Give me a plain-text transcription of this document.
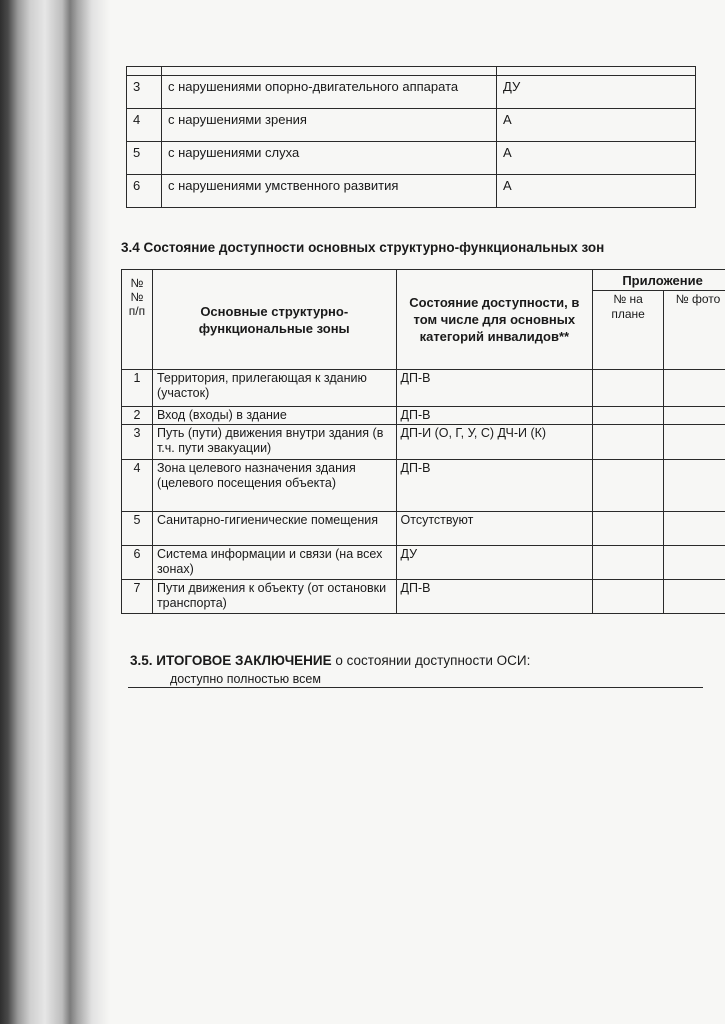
3	с нарушениями опорно-двигательного аппарата	ДУ
4	с нарушениями зрения	А
5	с нарушениями слуха	А
6	с нарушениями умственного развития	А
3.4 Состояние доступности основных структурно-функциональных зон
№ № п/п	Основные структурно-функциональные зоны	Состояние доступности, в том числе для основных категорий инвалидов**	Приложение	
			№ на плане	№ фото
1	Территория, прилегающая к зданию (участок)	ДП-В		
2	Вход (входы) в здание	ДП-В		
3	Путь (пути) движения внутри здания (в т.ч. пути эвакуации)	ДП-И (О, Г, У, С) ДЧ-И (К)		
4	Зона целевого назначения здания (целевого посещения объекта)	ДП-В		
5	Санитарно-гигиенические помещения	Отсутствуют		
6	Система информации и связи (на всех зонах)	ДУ		
7	Пути движения к объекту (от остановки транспорта)	ДП-В		
3.5. ИТОГОВОЕ ЗАКЛЮЧЕНИЕ о состоянии доступности ОСИ:
доступно полностью всем
